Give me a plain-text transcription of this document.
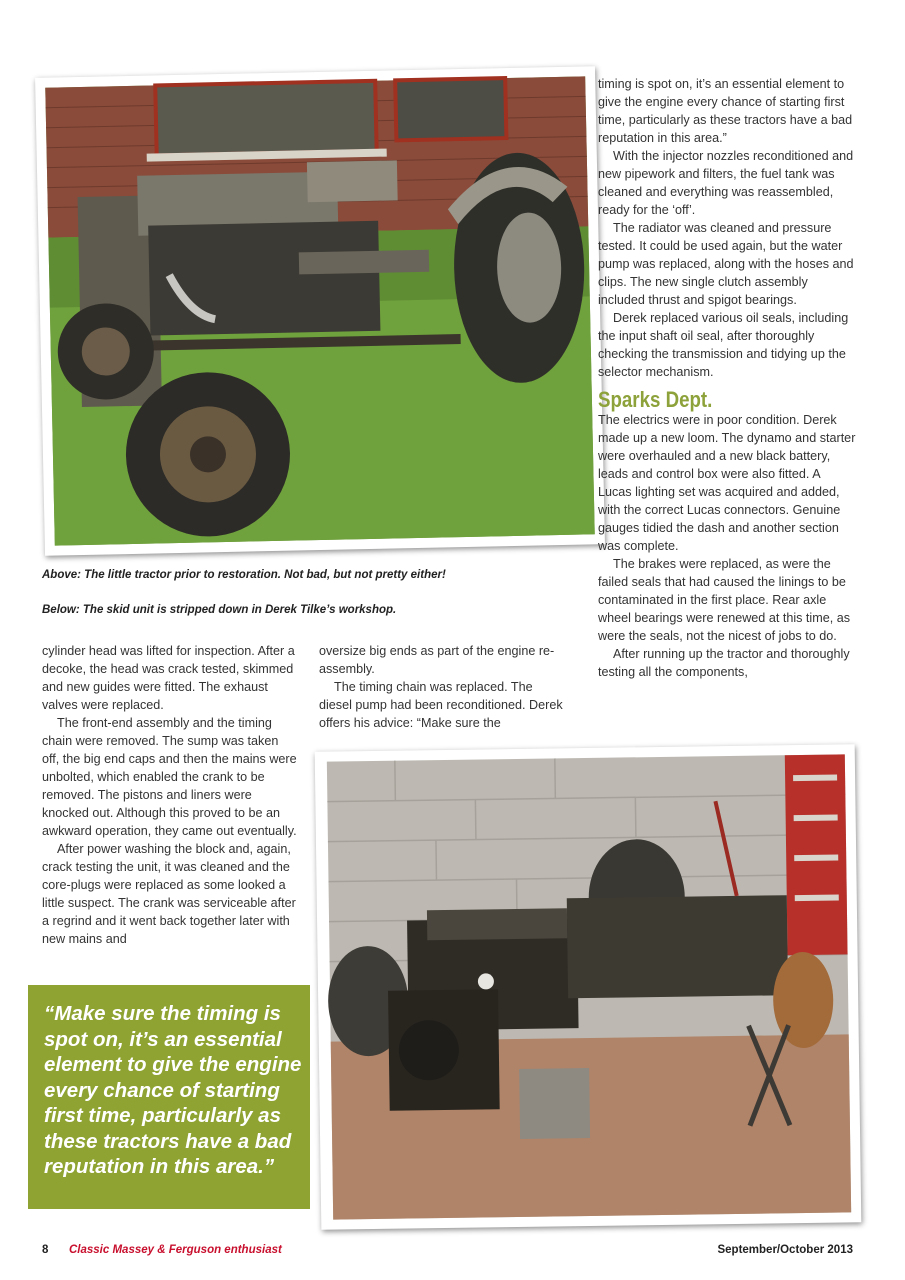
Above: The little tractor prior to restoration. Not bad, but not pretty either!
Below: The skid unit is stripped down in Derek Tilke’s workshop.

cylinder head was lifted for inspection. After a decoke, the head was crack tested, skimmed and new guides were fitted. The exhaust valves were replaced.

The front-end assembly and the timing chain were removed. The sump was taken off, the big end caps and then the mains were unbolted, which enabled the crank to be removed. The pistons and liners were knocked out. Although this proved to be an awkward operation, they came out eventually.

After power washing the block and, again, crack testing the unit, it was cleaned and the core-plugs were replaced as some looked a little suspect. The crank was serviceable after a regrind and it went back together later with new mains and

oversize big ends as part of the engine re-assembly.

The timing chain was replaced. The diesel pump had been reconditioned. Derek offers his advice: “Make sure the

timing is spot on, it’s an essential element to give the engine every chance of starting first time, particularly as these tractors have a bad reputation in this area.”

With the injector nozzles reconditioned and new pipework and filters, the fuel tank was cleaned and everything was reassembled, ready for the ‘off’.

The radiator was cleaned and pressure tested. It could be used again, but the water pump was replaced, along with the hoses and clips. The new single clutch assembly included thrust and spigot bearings.

Derek replaced various oil seals, including the input shaft oil seal, after thoroughly checking the transmission and tidying up the selector mechanism.

Sparks Dept.

The electrics were in poor condition. Derek made up a new loom. The dynamo and starter were overhauled and a new black battery, leads and control box were also fitted. A Lucas lighting set was acquired and added, with the correct Lucas connectors. Genuine gauges tidied the dash and another section was complete.

The brakes were replaced, as were the failed seals that had caused the linings to be contaminated in the first place. Rear axle wheel bearings were renewed at this time, as were the seals, not the nicest of jobs to do.

After running up the tractor and thoroughly testing all the components,

“Make sure the timing is spot on, it’s an essential element to give the engine every chance of starting first time, particularly as these tractors have a bad reputation in this area.”
8 Classic Massey & Ferguson enthusiast	September/October 2013
